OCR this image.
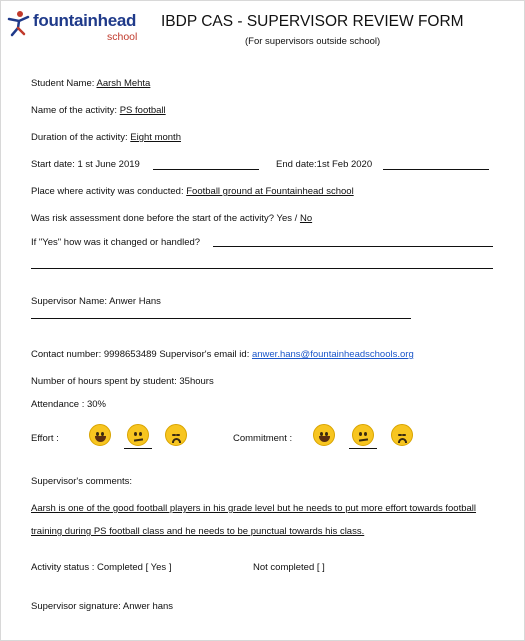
fountainhead
school
IBDP CAS - SUPERVISOR REVIEW FORM
(For supervisors outside school)
Student Name: Aarsh Mehta
Name of the activity: PS football
Duration of the activity: Eight month
Start date: 1 st June 2019	End date:1st Feb 2020
Place where activity was conducted: Football ground at Fountainhead school
Was risk assessment done before the start of the activity? Yes / No
If "Yes" how was it changed or handled?
Supervisor Name: Anwer Hans
Contact number: 9998653489 Supervisor's email id: anwer.hans@fountainheadschools.org
Number of hours spent by student: 35hours
Attendance : 30%
Effort :	Commitment :
Supervisor's comments:
Aarsh is one of the good football players in his grade level but he needs to put more effort towards football
training during PS football class and he needs to be punctual towards his class.
Activity status : Completed [ Yes ]	Not completed [ ]
Supervisor signature: Anwer hans
